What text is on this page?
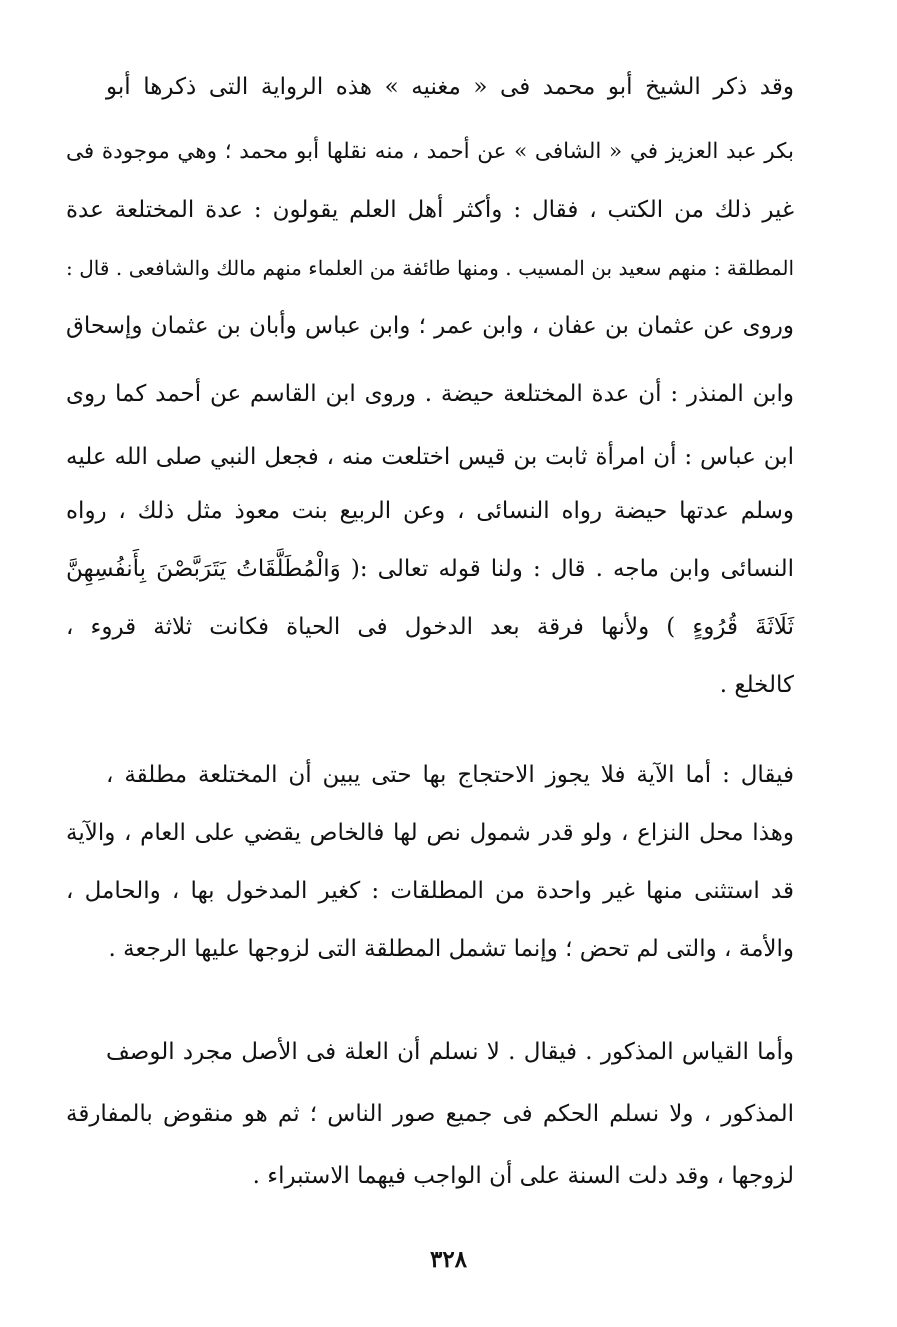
وقد ذكر الشيخ أبو محمد فى « مغنيه » هذه الرواية التى ذكرها أبو
بكر عبد العزيز في « الشافى » عن أحمد ، منه نقلها أبو محمد ؛ وهي موجودة فى
غير ذلك من الكتب ، فقال : وأكثر أهل العلم يقولون : عدة المختلعة عدة
المطلقة : منهم سعيد بن المسيب . ومنها طائفة من العلماء منهم مالك والشافعى . قال :
وروى عن عثمان بن عفان ، وابن عمر ؛ وابن عباس وأبان بن عثمان وإسحاق
وابن المنذر : أن عدة المختلعة حيضة . وروى ابن القاسم عن أحمد كما روى
ابن عباس : أن امرأة ثابت بن قيس اختلعت منه ، فجعل النبي صلى الله عليه
وسلم عدتها حيضة رواه النسائى ، وعن الربيع بنت معوذ مثل ذلك ، رواه
النسائى وابن ماجه . قال : ولنا قوله تعالى :( وَالْمُطَلَّقَاتُ يَتَرَبَّصْنَ بِأَنفُسِهِنَّ
ثَلَاثَةَ قُرُوءٍ ) ولأنها فرقة بعد الدخول فى الحياة فكانت ثلاثة قروء ،
كالخلع .
فيقال : أما الآية فلا يجوز الاحتجاج بها حتى يبين أن المختلعة مطلقة ،
وهذا محل النزاع ، ولو قدر شمول نص لها فالخاص يقضي على العام ، والآية
قد استثنى منها غير واحدة من المطلقات : كغير المدخول بها ، والحامل ،
والأمة ، والتى لم تحض ؛ وإنما تشمل المطلقة التى لزوجها عليها الرجعة .
وأما القياس المذكور . فيقال . لا نسلم أن العلة فى الأصل مجرد الوصف
المذكور ، ولا نسلم الحكم فى جميع صور الناس ؛ ثم هو منقوض بالمفارقة
لزوجها ، وقد دلت السنة على أن الواجب فيهما الاستبراء .
٣٢٨
